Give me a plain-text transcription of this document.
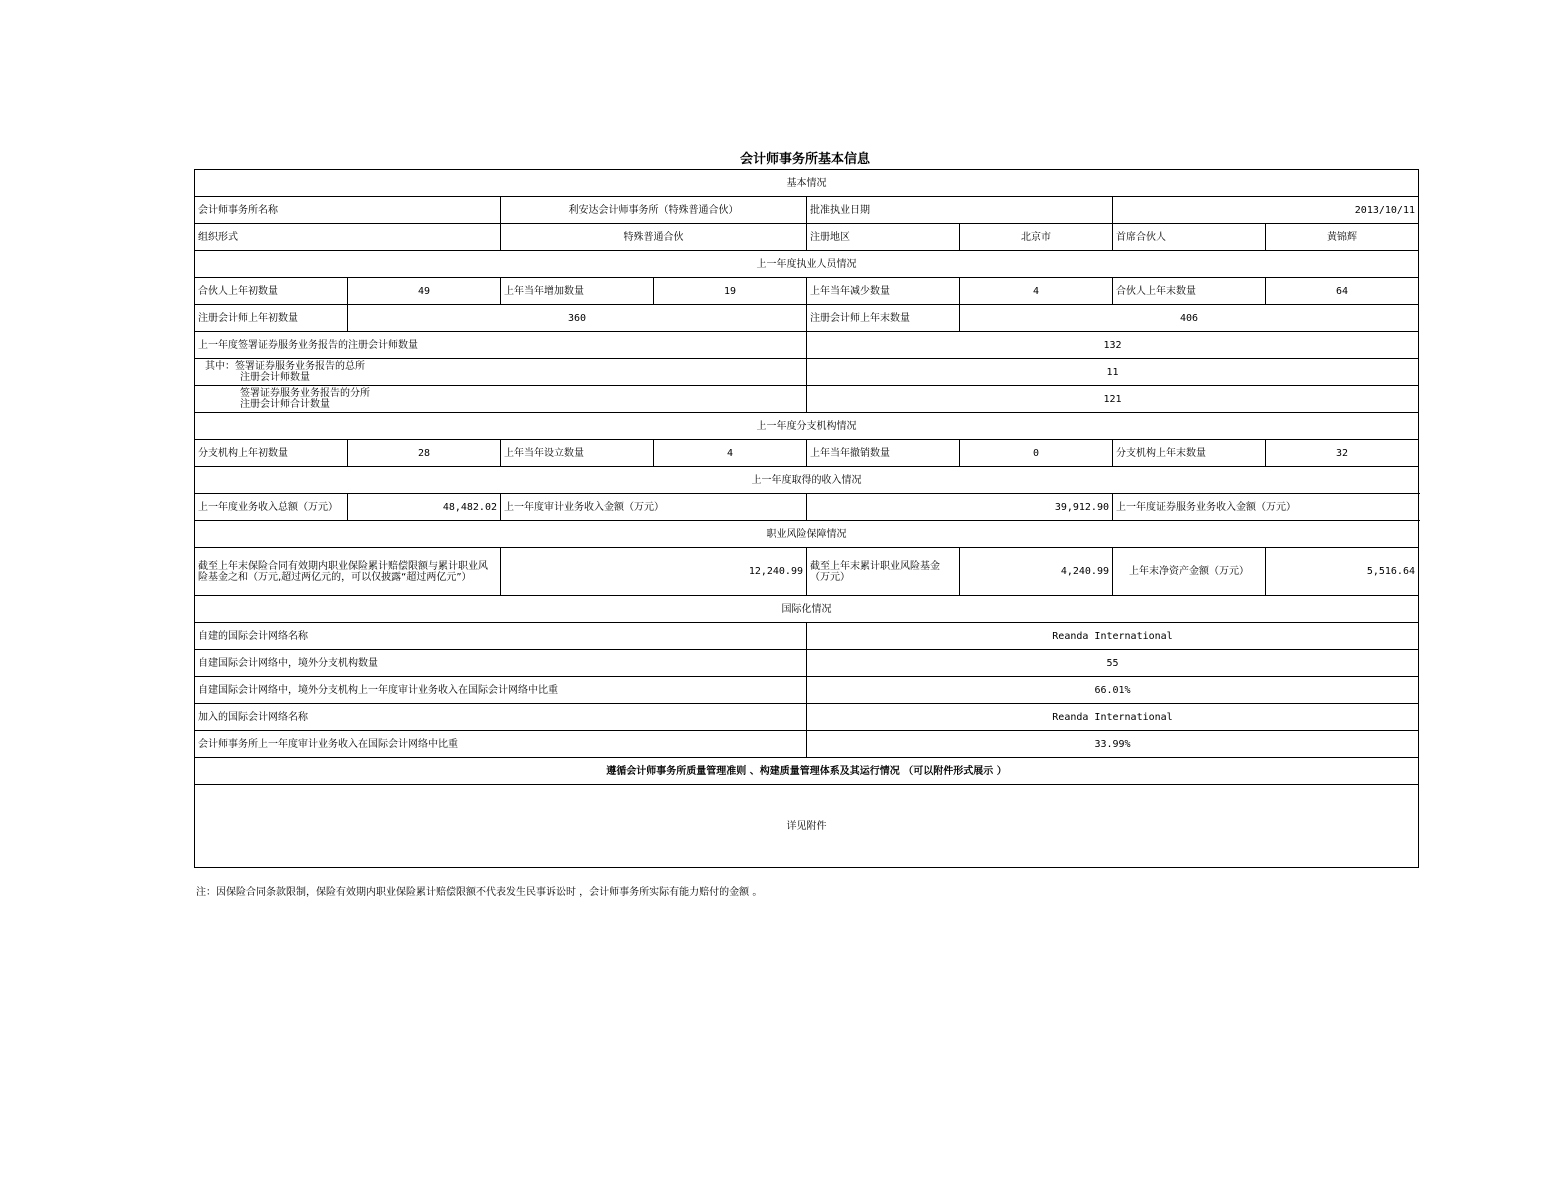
会计师事务所基本信息
基本情况								
会计师事务所名称		利安达会计师事务所（特殊普通合伙）		批准执业日期		2013/10/11		
组织形式		特殊普通合伙		注册地区	北京市	首席合伙人	黄锦辉	
上一年度执业人员情况								
合伙人上年初数量	49	上年当年增加数量	19	上年当年减少数量	4	合伙人上年末数量	64	
注册会计师上年初数量	360			注册会计师上年末数量	406			
上一年度签署证券服务业务报告的注册会计师数量				132				

其中：签署证券服务业务报告的总所
注册会计师数量				11				

签署证券服务业务报告的分所
注册会计师合计数量				121				
上一年度分支机构情况								
分支机构上年初数量	28	上年当年设立数量	4	上年当年撤销数量	0	分支机构上年末数量	32	
上一年度取得的收入情况								
上一年度业务收入总额（万元）	48,482.02	上一年度审计业务收入金额（万元）		39,912.90		上一年度证券服务业务收入金额（万元）	
职业风险保障情况								
截至上年末保险合同有效期内职业保险累计赔偿限额与累计职业风险基金之和（万元,超过两亿元的，可以仅披露“超过两亿元”）		12,240.99		截至上年末累计职业风险基金（万元）	4,240.99	上年末净资产金额（万元）	5,516.64	
国际化情况								
自建的国际会计网络名称				Reanda International				
自建国际会计网络中，境外分支机构数量				55				
自建国际会计网络中，境外分支机构上一年度审计业务收入在国际会计网络中比重				66.01%				
加入的国际会计网络名称				Reanda International				
会计师事务所上一年度审计业务收入在国际会计网络中比重				33.99%				
遵循会计师事务所质量管理准则 、构建质量管理体系及其运行情况 （可以附件形式展示 ）								
详见附件								
注：因保险合同条款限制，保险有效期内职业保险累计赔偿限额不代表发生民事诉讼时 ，会计师事务所实际有能力赔付的金额 。
